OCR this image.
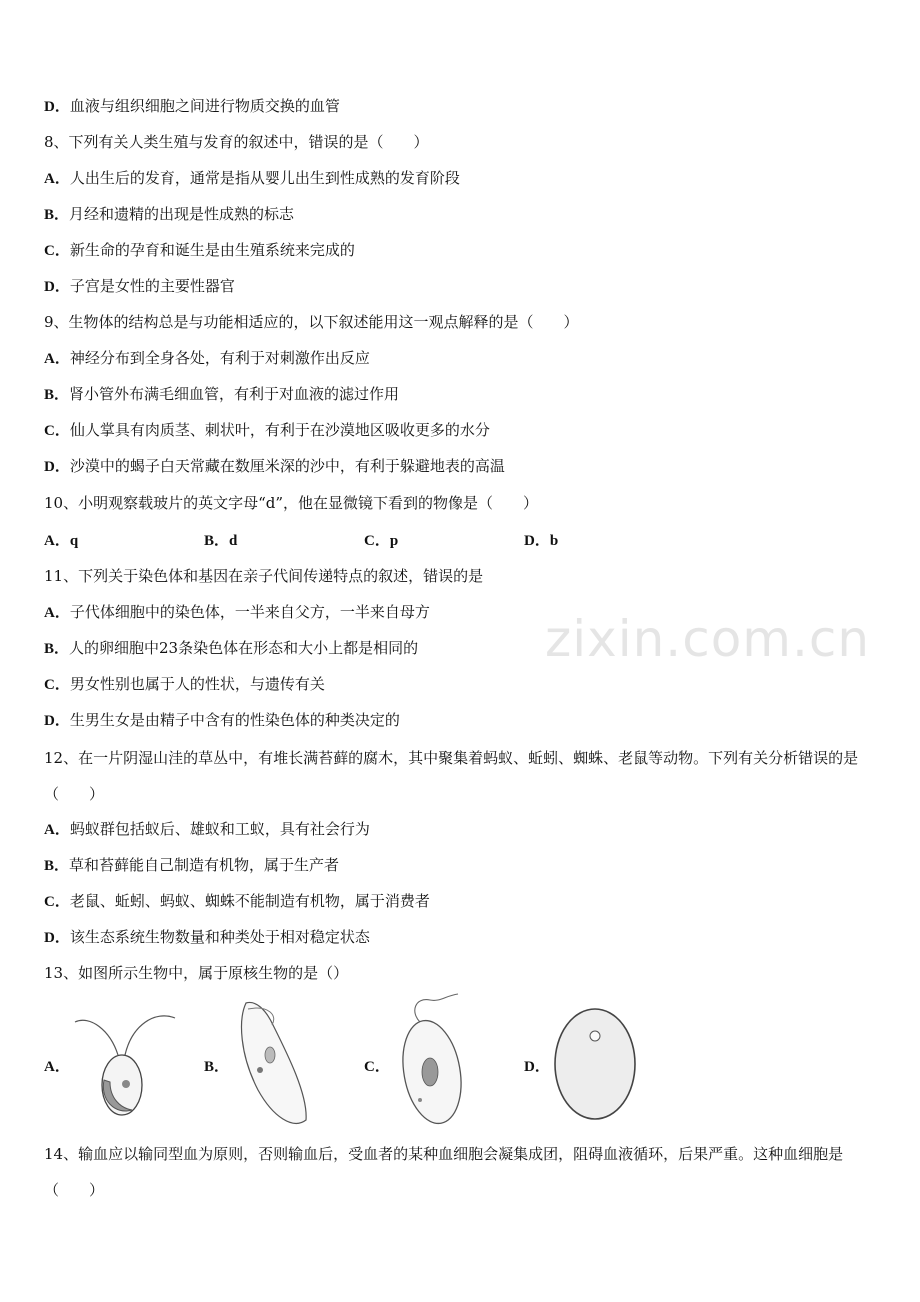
zixin.com.cn
D．血液与组织细胞之间进行物质交换的血管
8、下列有关人类生殖与发育的叙述中，错误的是（　　）
A．人出生后的发育，通常是指从婴儿出生到性成熟的发育阶段
B．月经和遗精的出现是性成熟的标志
C．新生命的孕育和诞生是由生殖系统来完成的
D．子宫是女性的主要性器官
9、生物体的结构总是与功能相适应的，以下叙述能用这一观点解释的是（　　）
A．神经分布到全身各处，有利于对刺激作出反应
B．肾小管外布满毛细血管，有利于对血液的滤过作用
C．仙人掌具有肉质茎、刺状叶，有利于在沙漠地区吸收更多的水分
D．沙漠中的蝎子白天常藏在数厘米深的沙中，有利于躲避地表的高温
10、小明观察载玻片的英文字母“d”，他在显微镜下看到的物像是（　　）
A．q	B．d	C．p	D．b
11、下列关于染色体和基因在亲子代间传递特点的叙述，错误的是
A．子代体细胞中的染色体，一半来自父方，一半来自母方
B．人的卵细胞中23条染色体在形态和大小上都是相同的
C．男女性别也属于人的性状，与遗传有关
D．生男生女是由精子中含有的性染色体的种类决定的
12、在一片阴湿山洼的草丛中，有堆长满苔藓的腐木，其中聚集着蚂蚁、蚯蚓、蜘蛛、老鼠等动物。下列有关分析错误的是（　　）
A．蚂蚁群包括蚁后、雄蚁和工蚁，具有社会行为
B．草和苔藓能自己制造有机物，属于生产者
C．老鼠、蚯蚓、蚂蚁、蜘蛛不能制造有机物，属于消费者
D．该生态系统生物数量和种类处于相对稳定状态
13、如图所示生物中，属于原核生物的是（）
A．	B．	C．	D．
14、输血应以输同型血为原则，否则输血后，受血者的某种血细胞会凝集成团，阻碍血液循环，后果严重。这种血细胞是（　　）
